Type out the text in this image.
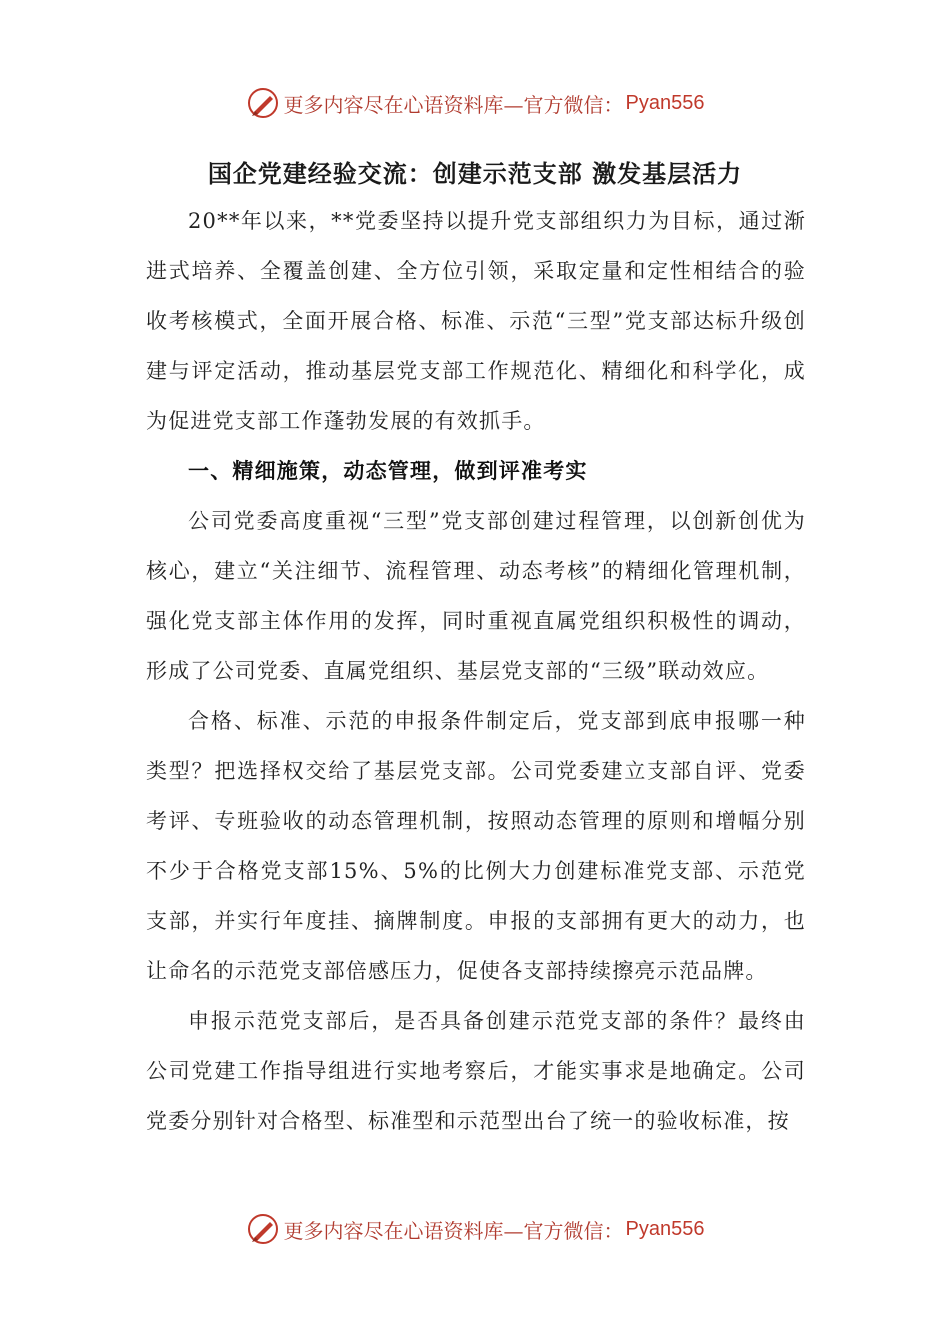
更多内容尽在心语资料库—官方微信： Pyan556
国企党建经验交流：创建示范支部 激发基层活力

20**年以来，**党委坚持以提升党支部组织力为目标，通过渐进式培养、全覆盖创建、全方位引领，采取定量和定性相结合的验收考核模式，全面开展合格、标准、示范“三型”党支部达标升级创建与评定活动，推动基层党支部工作规范化、精细化和科学化，成为促进党支部工作蓬勃发展的有效抓手。

一、精细施策，动态管理，做到评准考实

公司党委高度重视“三型”党支部创建过程管理，以创新创优为核心，建立“关注细节、流程管理、动态考核”的精细化管理机制，强化党支部主体作用的发挥，同时重视直属党组织积极性的调动，形成了公司党委、直属党组织、基层党支部的“三级”联动效应。

合格、标准、示范的申报条件制定后，党支部到底申报哪一种类型？把选择权交给了基层党支部。公司党委建立支部自评、党委考评、专班验收的动态管理机制，按照动态管理的原则和增幅分别不少于合格党支部15%、5%的比例大力创建标准党支部、示范党支部，并实行年度挂、摘牌制度。申报的支部拥有更大的动力，也让命名的示范党支部倍感压力，促使各支部持续擦亮示范品牌。

申报示范党支部后，是否具备创建示范党支部的条件？最终由公司党建工作指导组进行实地考察后，才能实事求是地确定。公司党委分别针对合格型、标准型和示范型出台了统一的验收标准，按

更多内容尽在心语资料库—官方微信： Pyan556
